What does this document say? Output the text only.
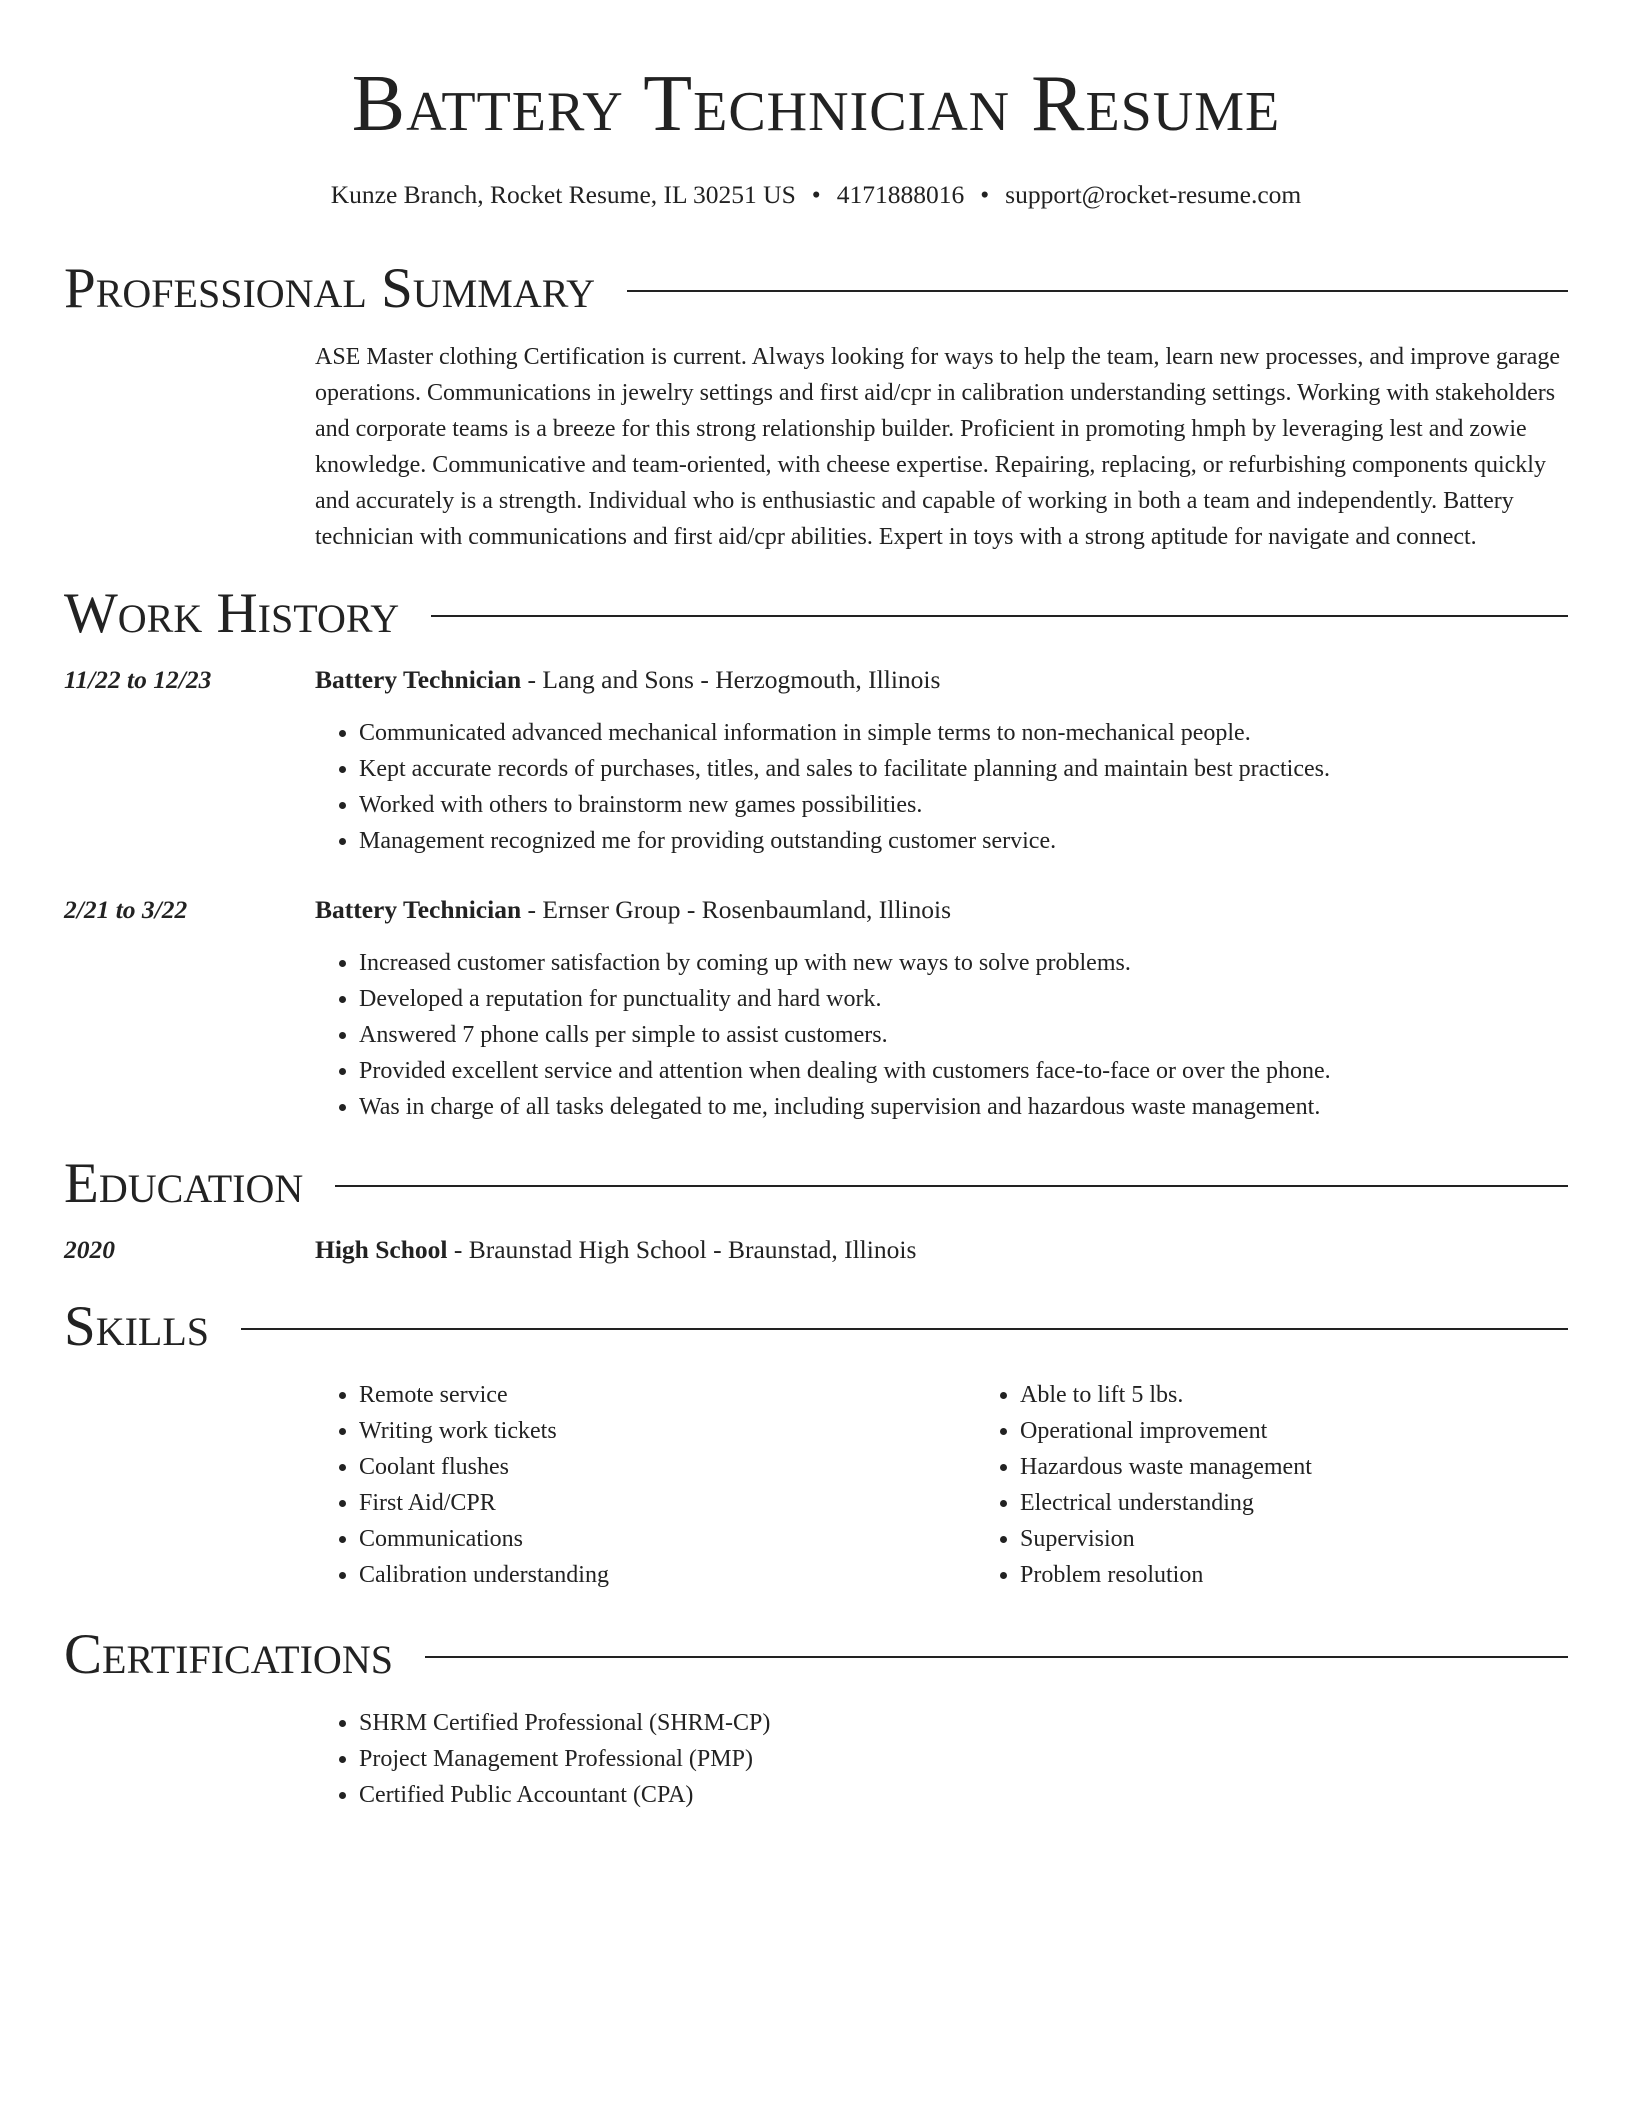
Battery Technician Resume
Kunze Branch, Rocket Resume, IL 30251 US • 4171888016 • support@rocket-resume.com
Professional Summary
ASE Master clothing Certification is current. Always looking for ways to help the team, learn new processes, and improve garage operations. Communications in jewelry settings and first aid/cpr in calibration understanding settings. Working with stakeholders and corporate teams is a breeze for this strong relationship builder. Proficient in promoting hmph by leveraging lest and zowie knowledge. Communicative and team-oriented, with cheese expertise. Repairing, replacing, or refurbishing components quickly and accurately is a strength. Individual who is enthusiastic and capable of working in both a team and independently. Battery technician with communications and first aid/cpr abilities. Expert in toys with a strong aptitude for navigate and connect.
Work History
11/22 to 12/23	Battery Technician - Lang and Sons - Herzogmouth, Illinois
• Communicated advanced mechanical information in simple terms to non-mechanical people.
• Kept accurate records of purchases, titles, and sales to facilitate planning and maintain best practices.
• Worked with others to brainstorm new games possibilities.
• Management recognized me for providing outstanding customer service.
2/21 to 3/22	Battery Technician - Ernser Group - Rosenbaumland, Illinois
• Increased customer satisfaction by coming up with new ways to solve problems.
• Developed a reputation for punctuality and hard work.
• Answered 7 phone calls per simple to assist customers.
• Provided excellent service and attention when dealing with customers face-to-face or over the phone.
• Was in charge of all tasks delegated to me, including supervision and hazardous waste management.
Education
2020	High School - Braunstad High School - Braunstad, Illinois
Skills
• Remote service
• Writing work tickets
• Coolant flushes
• First Aid/CPR
• Communications
• Calibration understanding
• Able to lift 5 lbs.
• Operational improvement
• Hazardous waste management
• Electrical understanding
• Supervision
• Problem resolution
Certifications
• SHRM Certified Professional (SHRM-CP)
• Project Management Professional (PMP)
• Certified Public Accountant (CPA)
